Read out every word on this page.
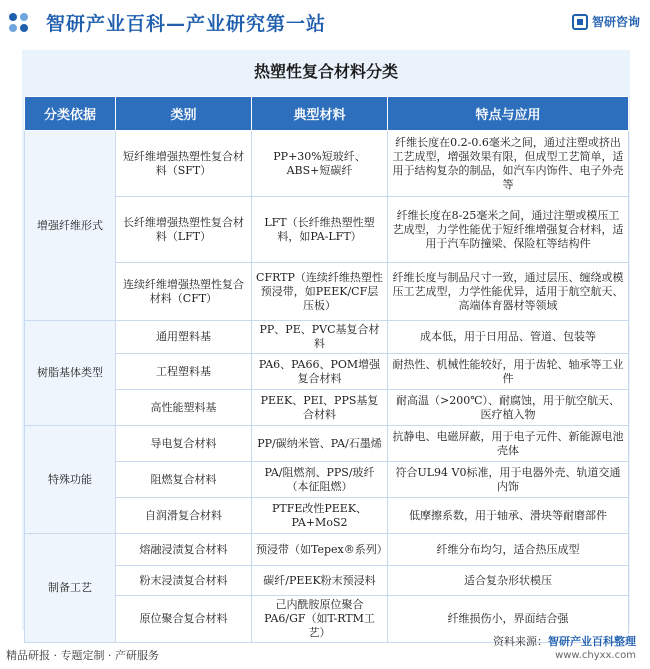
智研产业百科—产业研究第一站	智研咨询
热塑性复合材料分类
分类依据	类别	典型材料	特点与应用
增强纤维形式	短纤维增强热塑性复合材料（SFT）	PP+30%短玻纤、ABS+短碳纤	纤维长度在0.2-0.6毫米之间，通过注塑或挤出工艺成型，增强效果有限，但成型工艺简单，适用于结构复杂的制品，如汽车内饰件、电子外壳等
	长纤维增强热塑性复合材料（LFT）	LFT（长纤维热塑性塑料，如PA-LFT）	纤维长度在8-25毫米之间，通过注塑或模压工艺成型，力学性能优于短纤维增强复合材料，适用于汽车防撞梁、保险杠等结构件
	连续纤维增强热塑性复合材料（CFT）	CFRTP（连续纤维热塑性预浸带，如PEEK/CF层压板）	纤维长度与制品尺寸一致，通过层压、缠绕或模压工艺成型，力学性能优异，适用于航空航天、高端体育器材等领域
树脂基体类型	通用塑料基	PP、PE、PVC基复合材料	成本低，用于日用品、管道、包装等
	工程塑料基	PA6、PA66、POM增强复合材料	耐热性、机械性能较好，用于齿轮、轴承等工业件
	高性能塑料基	PEEK、PEI、PPS基复合材料	耐高温（>200℃）、耐腐蚀，用于航空航天、医疗植入物
特殊功能	导电复合材料	PP/碳纳米管、PA/石墨烯	抗静电、电磁屏蔽，用于电子元件、新能源电池壳体
	阻燃复合材料	PA/阻燃剂、PPS/玻纤（本征阻燃）	符合UL94 V0标准，用于电器外壳、轨道交通内饰
	自润滑复合材料	PTFE改性PEEK、PA+MoS2	低摩擦系数，用于轴承、滑块等耐磨部件
制备工艺	熔融浸渍复合材料	预浸带（如Tepex®系列）	纤维分布均匀，适合热压成型
	粉末浸渍复合材料	碳纤/PEEK粉末预浸料	适合复杂形状模压
	原位聚合复合材料	己内酰胺原位聚合PA6/GF（如T-RTM工艺）	纤维损伤小，界面结合强
精品研报 · 专题定制 · 产研服务
资料来源：智研产业百科整理
www.chyxx.com
